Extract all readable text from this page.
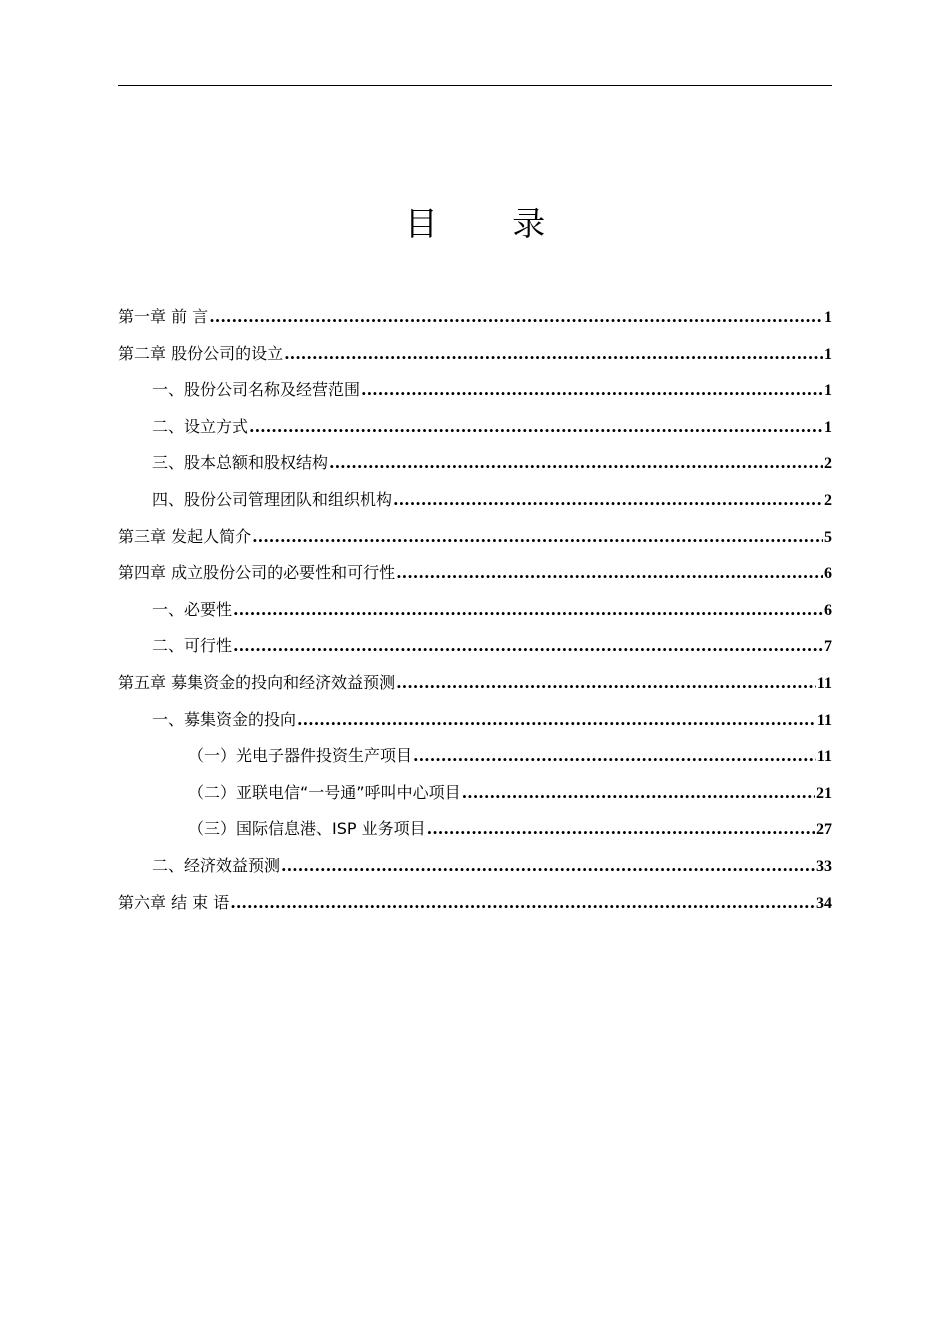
目 录
第一章 前 言 .....	1
第二章 股份公司的设立 .....	1
一、股份公司名称及经营范围 .....	1
二、设立方式 .....	1
三、股本总额和股权结构 .....	2
四、股份公司管理团队和组织机构 .....	2
第三章 发起人简介 .....	5
第四章 成立股份公司的必要性和可行性 .....	6
一、必要性 .....	6
二、可行性 .....	7
第五章 募集资金的投向和经济效益预测 .....	11
一、募集资金的投向 .....	11
（一）光电子器件投资生产项目 .....	11
（二）亚联电信“一号通”呼叫中心项目 .....	21
（三）国际信息港、ISP 业务项目 .....	27
二、经济效益预测 .....	33
第六章 结 束 语 .....	34
